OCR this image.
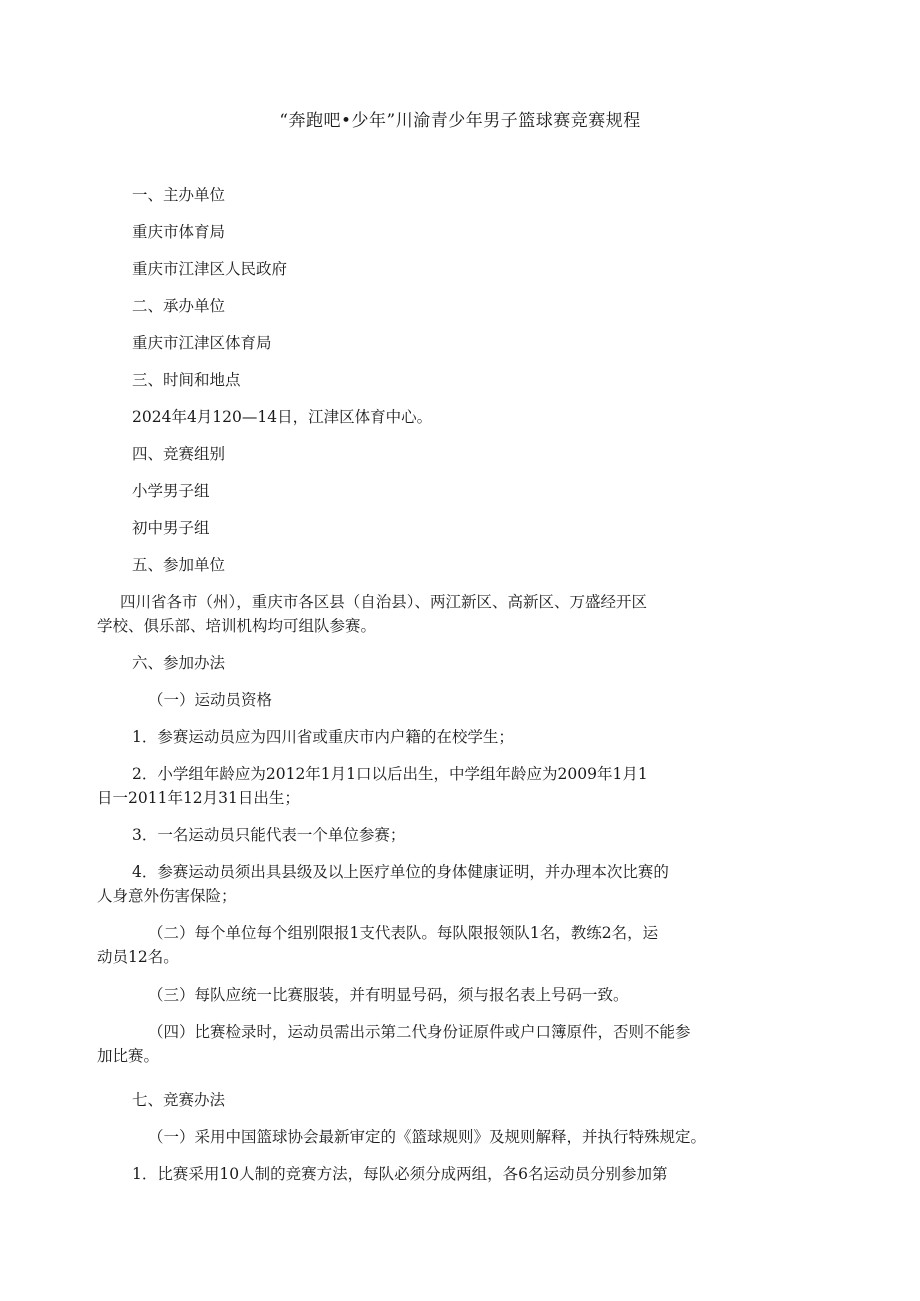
“奔跑吧•少年”川渝青少年男子篮球赛竞赛规程
一、主办单位
重庆市体育局
重庆市江津区人民政府
二、承办单位
重庆市江津区体育局
三、时间和地点
2024年4月120—14日，江津区体育中心。
四、竞赛组别
小学男子组
初中男子组
五、参加单位
四川省各市（州），重庆市各区县（自治县）、两江新区、高新区、万盛经开区
学校、俱乐部、培训机构均可组队参赛。
六、参加办法
（一）运动员资格
1．参赛运动员应为四川省或重庆市内户籍的在校学生；
2．小学组年龄应为2012年1月1口以后出生，中学组年龄应为2009年1月1
日一2011年12月31日出生；
3．一名运动员只能代表一个单位参赛；
4．参赛运动员须出具县级及以上医疗单位的身体健康证明，并办理本次比赛的
人身意外伤害保险；
（二）每个单位每个组别限报1支代表队。每队限报领队1名，教练2名，运
动员12名。
（三）每队应统一比赛服装，并有明显号码，须与报名表上号码一致。
（四）比赛检录时，运动员需出示第二代身份证原件或户口簿原件，否则不能参
加比赛。
七、竞赛办法
（一）采用中国篮球协会最新审定的《篮球规则》及规则解释，并执行特殊规定。
1．比赛采用10人制的竞赛方法，每队必须分成两组，各6名运动员分别参加第
